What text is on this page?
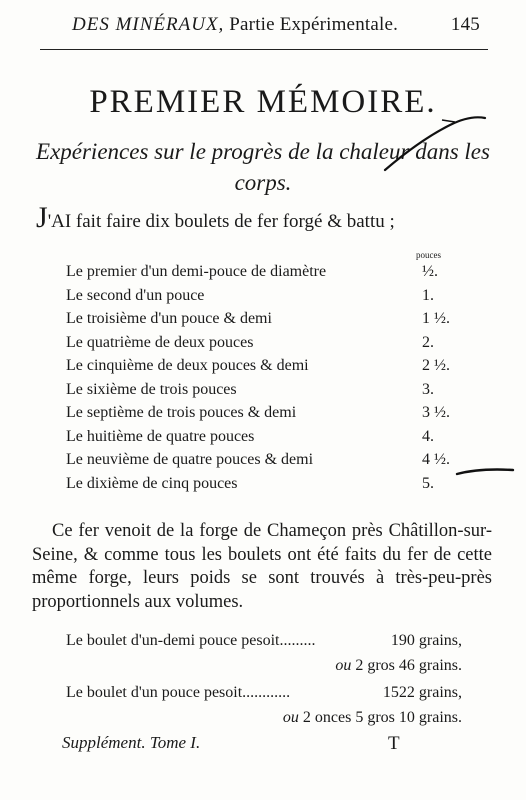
DES MINÉRAUX, Partie Expérimentale.	145
PREMIER MÉMOIRE.
Expériences sur le progrès de la chaleur dans les corps.
J'AI fait faire dix boulets de fer forgé & battu ;
pouces
Le premier d'un demi-pouce de diamètre	½.
Le second d'un pouce	1.
Le troisième d'un pouce & demi	1 ½.
Le quatrième de deux pouces	2.
Le cinquième de deux pouces & demi	2 ½.
Le sixième de trois pouces	3.
Le septième de trois pouces & demi	3 ½.
Le huitième de quatre pouces	4.
Le neuvième de quatre pouces & demi	4 ½.
Le dixième de cinq pouces	5.
Ce fer venoit de la forge de Chameçon près Châtillon-sur-Seine, & comme tous les boulets ont été faits du fer de cette même forge, leurs poids se sont trouvés à très-peu-près proportionnels aux volumes.
Le boulet d'un-demi pouce pesoit.........	190 grains,
ou 2 gros 46 grains.
Le boulet d'un pouce pesoit............	1522 grains,
ou 2 onces 5 gros 10 grains.
Supplément. Tome I.	T
